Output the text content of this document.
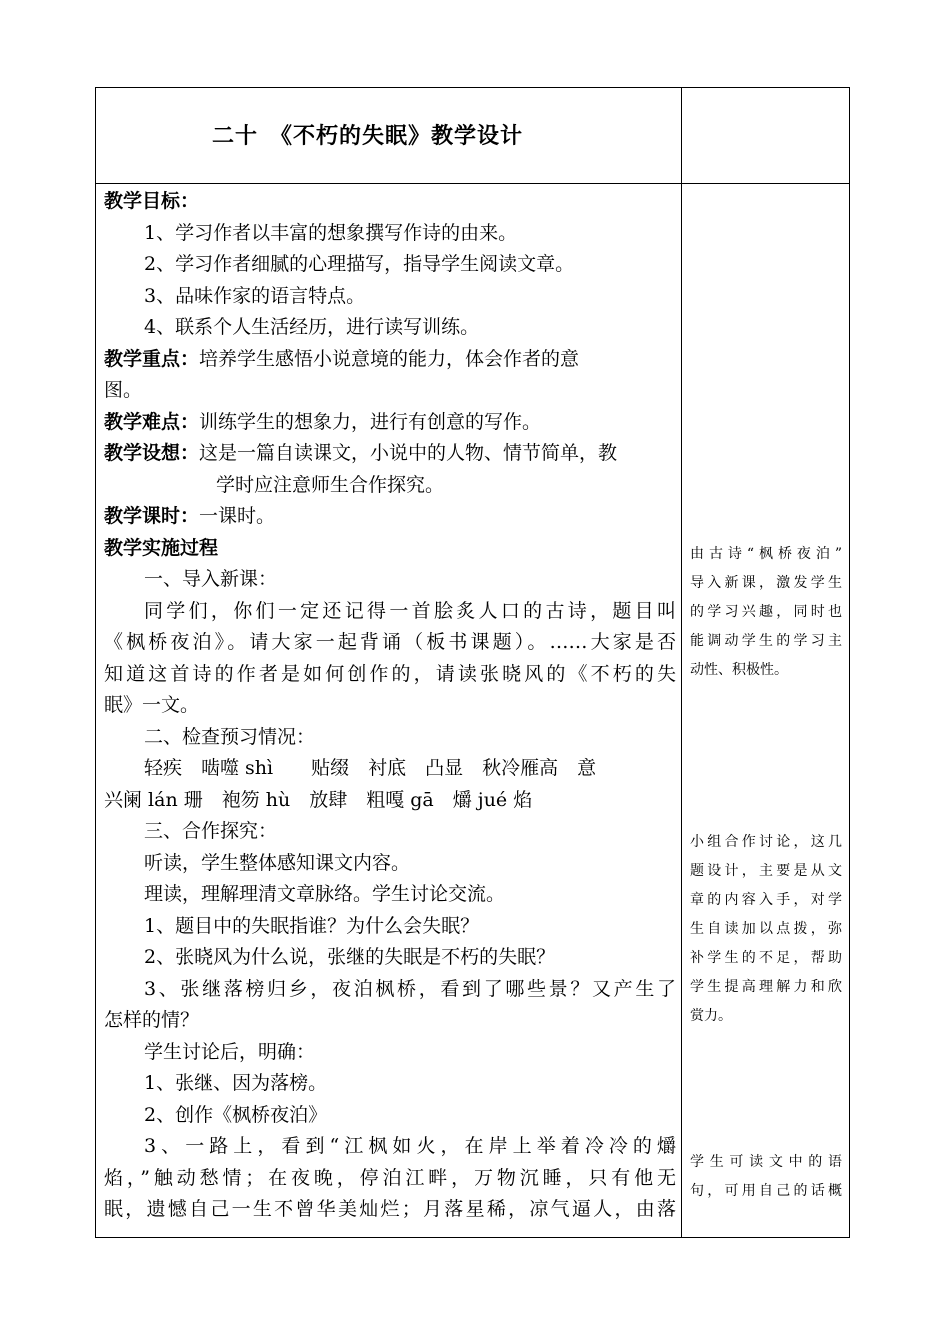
二十　《不朽的失眠》教学设计
教学目标：
1、学习作者以丰富的想象撰写作诗的由来。
2、学习作者细腻的心理描写，指导学生阅读文章。
3、品味作家的语言特点。
4、联系个人生活经历，进行读写训练。
教学重点：培养学生感悟小说意境的能力，体会作者的意
图。
教学难点：训练学生的想象力，进行有创意的写作。
教学设想：这是一篇自读课文，小说中的人物、情节简单，教
学时应注意师生合作探究。
教学课时：一课时。
教学实施过程
一、导入新课：
同学们，你们一定还记得一首脍炙人口的古诗，题目叫
《枫桥夜泊》。请大家一起背诵（板书课题）。……大家是否
知道这首诗的作者是如何创作的，请读张晓风的《不朽的失
眠》一文。
二、检查预习情况：
轻疾　啮噬 shì　　贴缀　衬底　凸显　秋冷雁高　意
兴阑 lán 珊　袍笏 hù　放肆　粗嘎 gā　爝 jué 焰
三、合作探究：
听读，学生整体感知课文内容。
理读，理解理清文章脉络。学生讨论交流。
1、题目中的失眠指谁？为什么会失眠？
2、张晓风为什么说，张继的失眠是不朽的失眠？
3、张继落榜归乡，夜泊枫桥，看到了哪些景？又产生了
怎样的情？
学生讨论后，明确：
1、张继、因为落榜。
2、创作《枫桥夜泊》
3、一路上，看到“江枫如火，在岸上举着冷冷的爝
焰，”触动愁情；在夜晚，停泊江畔，万物沉睡，只有他无
眠，遗憾自己一生不曾华美灿烂；月落星稀，凉气逼人，由落
由古诗“枫桥夜泊”
导入新课，激发学生
的学习兴趣，同时也
能调动学生的学习主
动性、积极性。
小组合作讨论，这几
题设计，主要是从文
章的内容入手，对学
生自读加以点拨，弥
补学生的不足，帮助
学生提高理解力和欣
赏力。
学生可读文中的语
句，可用自己的话概
